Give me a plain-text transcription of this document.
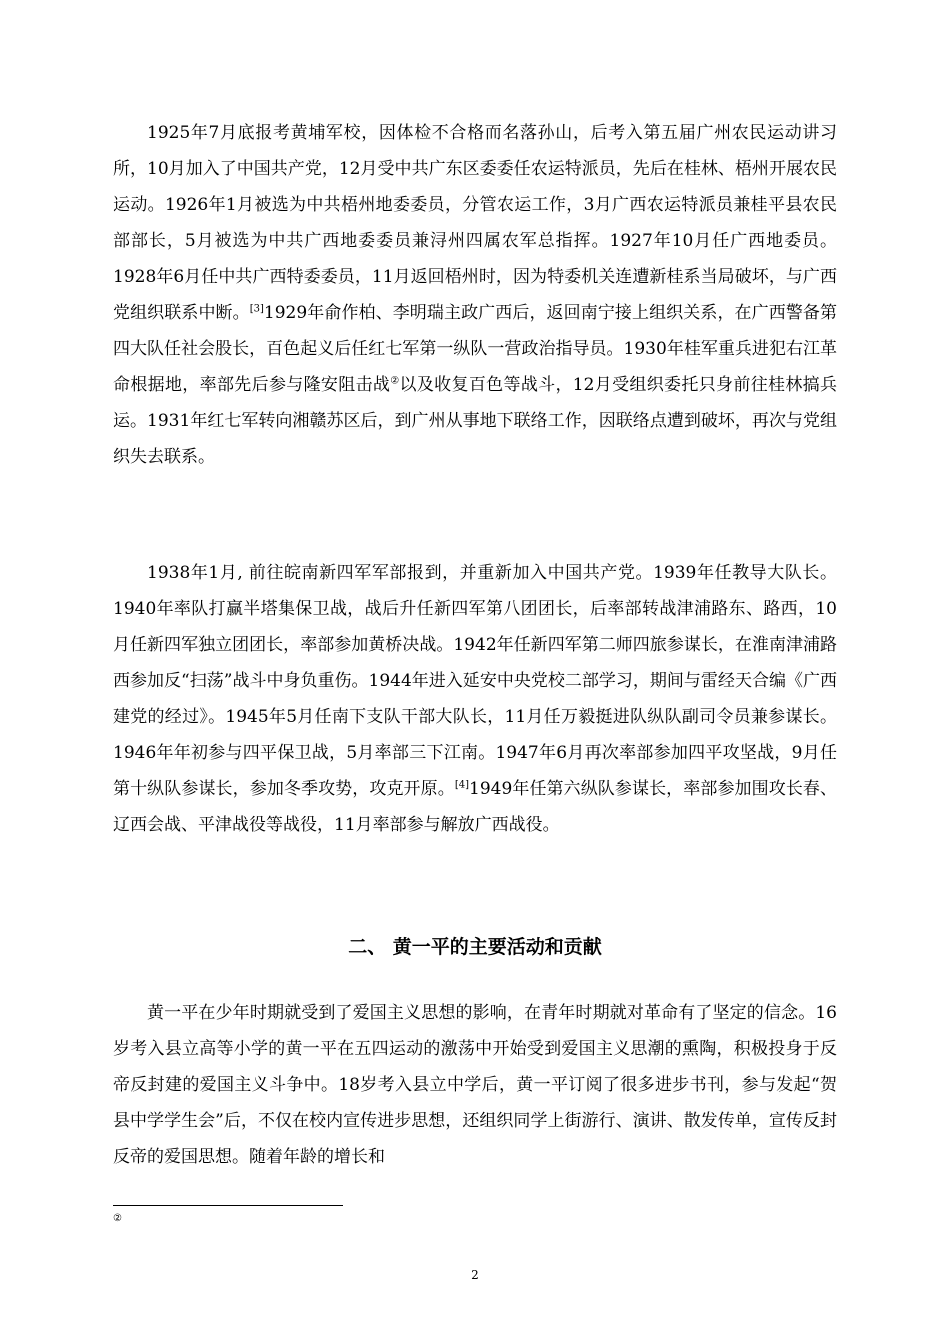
1925年7月底报考黄埔军校，因体检不合格而名落孙山，后考入第五届广州农民运动讲习所，10月加入了中国共产党，12月受中共广东区委委任农运特派员，先后在桂林、梧州开展农民运动。1926年1月被选为中共梧州地委委员，分管农运工作，3月广西农运特派员兼桂平县农民部部长，5月被选为中共广西地委委员兼浔州四属农军总指挥。1927年10月任广西地委员。1928年6月任中共广西特委委员，11月返回梧州时，因为特委机关连遭新桂系当局破坏，与广西党组织联系中断。[3]1929年俞作柏、李明瑞主政广西后，返回南宁接上组织关系，在广西警备第四大队任社会股长，百色起义后任红七军第一纵队一营政治指导员。1930年桂军重兵进犯右江革命根据地，率部先后参与隆安阻击战②以及收复百色等战斗，12月受组织委托只身前往桂林搞兵运。1931年红七军转向湘赣苏区后，到广州从事地下联络工作，因联络点遭到破坏，再次与党组织失去联系。

1938年1月, 前往皖南新四军军部报到，并重新加入中国共产党。1939年任教导大队长。1940年率队打赢半塔集保卫战，战后升任新四军第八团团长，后率部转战津浦路东、路西，10月任新四军独立团团长，率部参加黄桥决战。1942年任新四军第二师四旅参谋长，在淮南津浦路西参加反“扫荡”战斗中身负重伤。1944年进入延安中央党校二部学习，期间与雷经天合编《广西建党的经过》。1945年5月任南下支队干部大队长，11月任万毅挺进队纵队副司令员兼参谋长。1946年年初参与四平保卫战，5月率部三下江南。1947年6月再次率部参加四平攻坚战，9月任第十纵队参谋长，参加冬季攻势，攻克开原。[4]1949年任第六纵队参谋长，率部参加围攻长春、辽西会战、平津战役等战役，11月率部参与解放广西战役。

二、 黄一平的主要活动和贡献

黄一平在少年时期就受到了爱国主义思想的影响，在青年时期就对革命有了坚定的信念。16岁考入县立高等小学的黄一平在五四运动的激荡中开始受到爱国主义思潮的熏陶，积极投身于反帝反封建的爱国主义斗争中。18岁考入县立中学后，黄一平订阅了很多进步书刊，参与发起“贺县中学学生会”后，不仅在校内宣传进步思想，还组织同学上街游行、演讲、散发传单，宣传反封反帝的爱国思想。随着年龄的增长和

②
2
